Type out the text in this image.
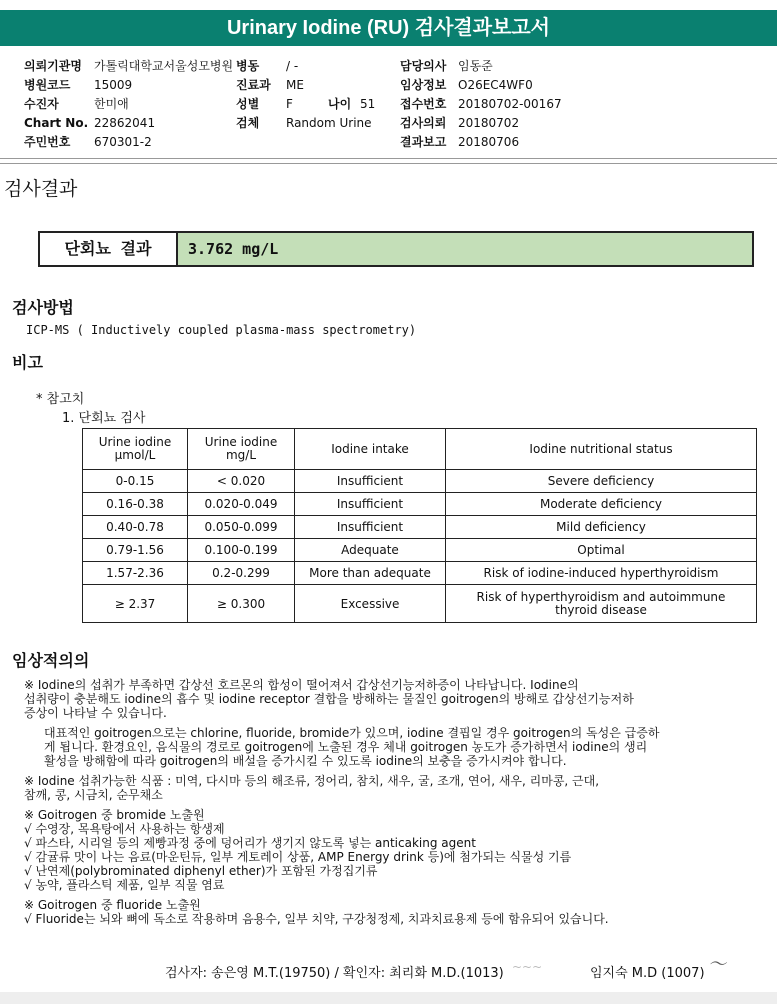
Urinary Iodine (RU) 검사결과보고서
의뢰기관명 가톨릭대학교서울성모병원
병원코드 15009
수진자	한미애
Chart No. 22862041
주민번호 670301-2
병동 / -
진료과 ME
성별 F	나이 51
검체 Random Urine
담당의사 임동준
임상정보 O26EC4WF0
접수번호 20180702-00167
검사의뢰 20180702
결과보고 20180706
검사결과
단회뇨 결과	3.762 mg/L
검사방법
ICP-MS ( Inductively coupled plasma-mass spectrometry)
비고
* 참고치
1. 단회뇨 검사
Urine iodine
μmol/L	Urine iodine
mg/L	Iodine intake	Iodine nutritional status
0-0.15	< 0.020	Insufficient	Severe deficiency
0.16-0.38	0.020-0.049	Insufficient	Moderate deficiency
0.40-0.78	0.050-0.099	Insufficient	Mild deficiency
0.79-1.56	0.100-0.199	Adequate	Optimal
1.57-2.36	0.2-0.299	More than adequate	Risk of iodine-induced hyperthyroidism
≥ 2.37	≥ 0.300	Excessive	Risk of hyperthyroidism and autoimmune
thyroid disease
임상적의의
※ Iodine의 섭취가 부족하면 갑상선 호르몬의 합성이 떨어져서 갑상선기능저하증이 나타납니다. Iodine의
섭취량이 충분해도 iodine의 흡수 및 iodine receptor 결합을 방해하는 물질인 goitrogen의 방해로 갑상선기능저하
증상이 나타날 수 있습니다.
대표적인 goitrogen으로는 chlorine, fluoride, bromide가 있으며, iodine 결핍일 경우 goitrogen의 독성은 급증하
게 됩니다. 환경요인, 음식물의 경로로 goitrogen에 노출된 경우 체내 goitrogen 농도가 증가하면서 iodine의 생리
활성을 방해함에 따라 goitrogen의 배설을 증가시킬 수 있도록 iodine의 보충을 증가시켜야 합니다.
※ Iodine 섭취가능한 식품 : 미역, 다시마 등의 해조류, 정어리, 참치, 새우, 굴, 조개, 연어, 새우, 리마콩, 근대,
참깨, 콩, 시금치, 순무채소
※ Goitrogen 중 bromide 노출원
√ 수영장, 목욕탕에서 사용하는 항생제
√ 파스타, 시리얼 등의 제빵과정 중에 덩어리가 생기지 않도록 넣는 anticaking agent
√ 감귤류 맛이 나는 음료(마운틴듀, 일부 게토레이 상품, AMP Energy drink 등)에 첨가되는 식물성 기름
√ 난연제(polybrominated diphenyl ether)가 포함된 가정집기류
√ 농약, 플라스틱 제품, 일부 직물 염료
※ Goitrogen 중 fluoride 노출원
√ Fluoride는 뇌와 뼈에 독소로 작용하며 음용수, 일부 치약, 구강청정제, 치과치료용제 등에 함유되어 있습니다.
검사자: 송은영 M.T.(19750) / 확인자: 최리화 M.D.(1013) ~~~	임지숙 M.D (1007) ～
